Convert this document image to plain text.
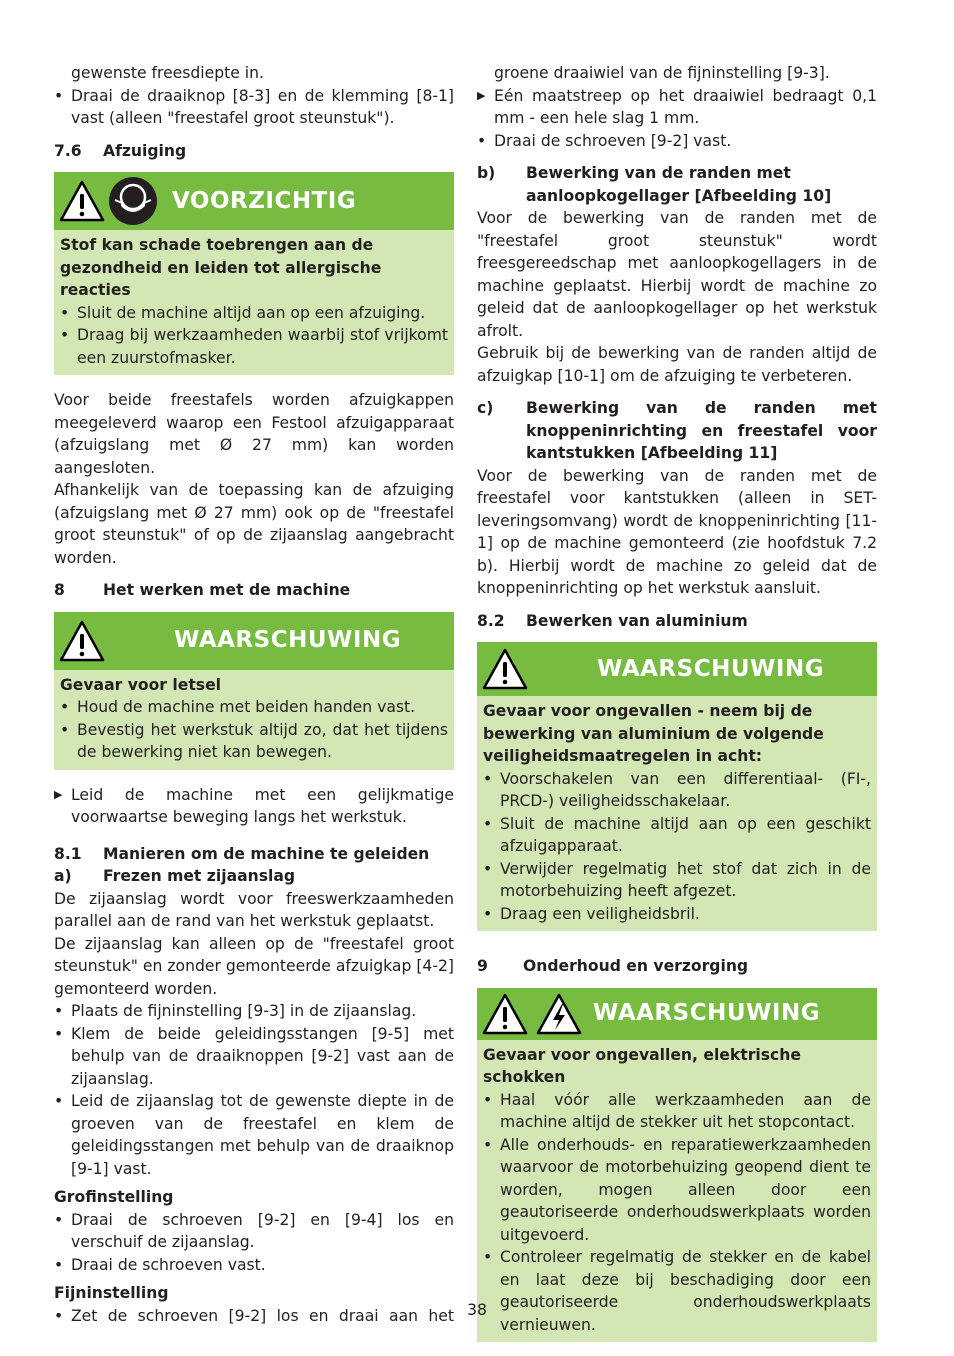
gewenste freesdiepte in.

• Draai de draaiknop [8-3] en de klemming [8-1] vast (alleen "freestafel groot steunstuk").
7.6	Afzuiging
VOORZICHTIG

Stof kan schade toebrengen aan de gezondheid en leiden tot allergische reacties

• Sluit de machine altijd aan op een afzuiging.
• Draag bij werkzaamheden waarbij stof vrijkomt een zuurstofmasker.

Voor beide freestafels worden afzuigkappen meegeleverd waarop een Festool afzuigapparaat (afzuigslang met Ø 27 mm) kan worden aangesloten.

Afhankelijk van de toepassing kan de afzuiging (afzuigslang met Ø 27 mm) ook op de "freestafel groot steunstuk" of op de zijaanslag aangebracht worden.

8	Het werken met de machine
WAARSCHUWING

Gevaar voor letsel

• Houd de machine met beiden handen vast.
• Bevestig het werkstuk altijd zo, dat het tijdens de bewerking niet kan bewegen.
▶ Leid de machine met een gelijkmatige voorwaartse beweging langs het werkstuk.
8.1	Manieren om de machine te geleiden
a)	Frezen met zijaanslag

De zijaanslag wordt voor freeswerkzaamheden parallel aan de rand van het werkstuk geplaatst.

De zijaanslag kan alleen op de "freestafel groot steunstuk" en zonder gemonteerde afzuigkap [4-2] gemonteerd worden.

• Plaats de fijninstelling [9-3] in de zijaanslag.
• Klem de beide geleidingsstangen [9-5] met behulp van de draaiknoppen [9-2] vast aan de zijaanslag.
• Leid de zijaanslag tot de gewenste diepte in de groeven van de freestafel en klem de geleidingsstangen met behulp van de draaiknop [9-1] vast.

Grofinstelling

• Draai de schroeven [9-2] en [9-4] los en verschuif de zijaanslag.
• Draai de schroeven vast.

Fijninstelling

• Zet de schroeven [9-2] los en draai aan het

groene draaiwiel van de fijninstelling [9-3].

▶ Eén maatstreep op het draaiwiel bedraagt 0,1 mm - een hele slag 1 mm.
• Draai de schroeven [9-2] vast.
b)	Bewerking van de randen met aanloopkogellager [Afbeelding 10]

Voor de bewerking van de randen met de "freestafel groot steunstuk" wordt freesgereedschap met aanloopkogellagers in de machine geplaatst. Hierbij wordt de machine zo geleid dat de aanloopkogellager op het werkstuk afrolt.

Gebruik bij de bewerking van de randen altijd de afzuigkap [10-1] om de afzuiging te verbeteren.

c)	Bewerking van de randen met knoppeninrichting en freestafel voor kantstukken [Afbeelding 11]

Voor de bewerking van de randen met de freestafel voor kantstukken (alleen in SET-leveringsomvang) wordt de knoppeninrichting [11-1] op de machine gemonteerd (zie hoofdstuk 7.2 b). Hierbij wordt de machine zo geleid dat de knoppeninrichting op het werkstuk aansluit.

8.2	Bewerken van aluminium
WAARSCHUWING

Gevaar voor ongevallen - neem bij de bewerking van aluminium de volgende veiligheidsmaatregelen in acht:

• Voorschakelen van een differentiaal- (FI-, PRCD-) veiligheidsschakelaar.
• Sluit de machine altijd aan op een geschikt afzuigapparaat.
• Verwijder regelmatig het stof dat zich in de motorbehuizing heeft afgezet.
• Draag een veiligheidsbril.
9	Onderhoud en verzorging
WAARSCHUWING

Gevaar voor ongevallen, elektrische schokken

• Haal vóór alle werkzaamheden aan de machine altijd de stekker uit het stopcontact.
• Alle onderhouds- en reparatiewerkzaamheden waarvoor de motorbehuizing geopend dient te worden, mogen alleen door een geautoriseerde onderhoudswerkplaats worden uitgevoerd.
• Controleer regelmatig de stekker en de kabel en laat deze bij beschadiging door een geautoriseerde onderhoudswerkplaats vernieuwen.
38
